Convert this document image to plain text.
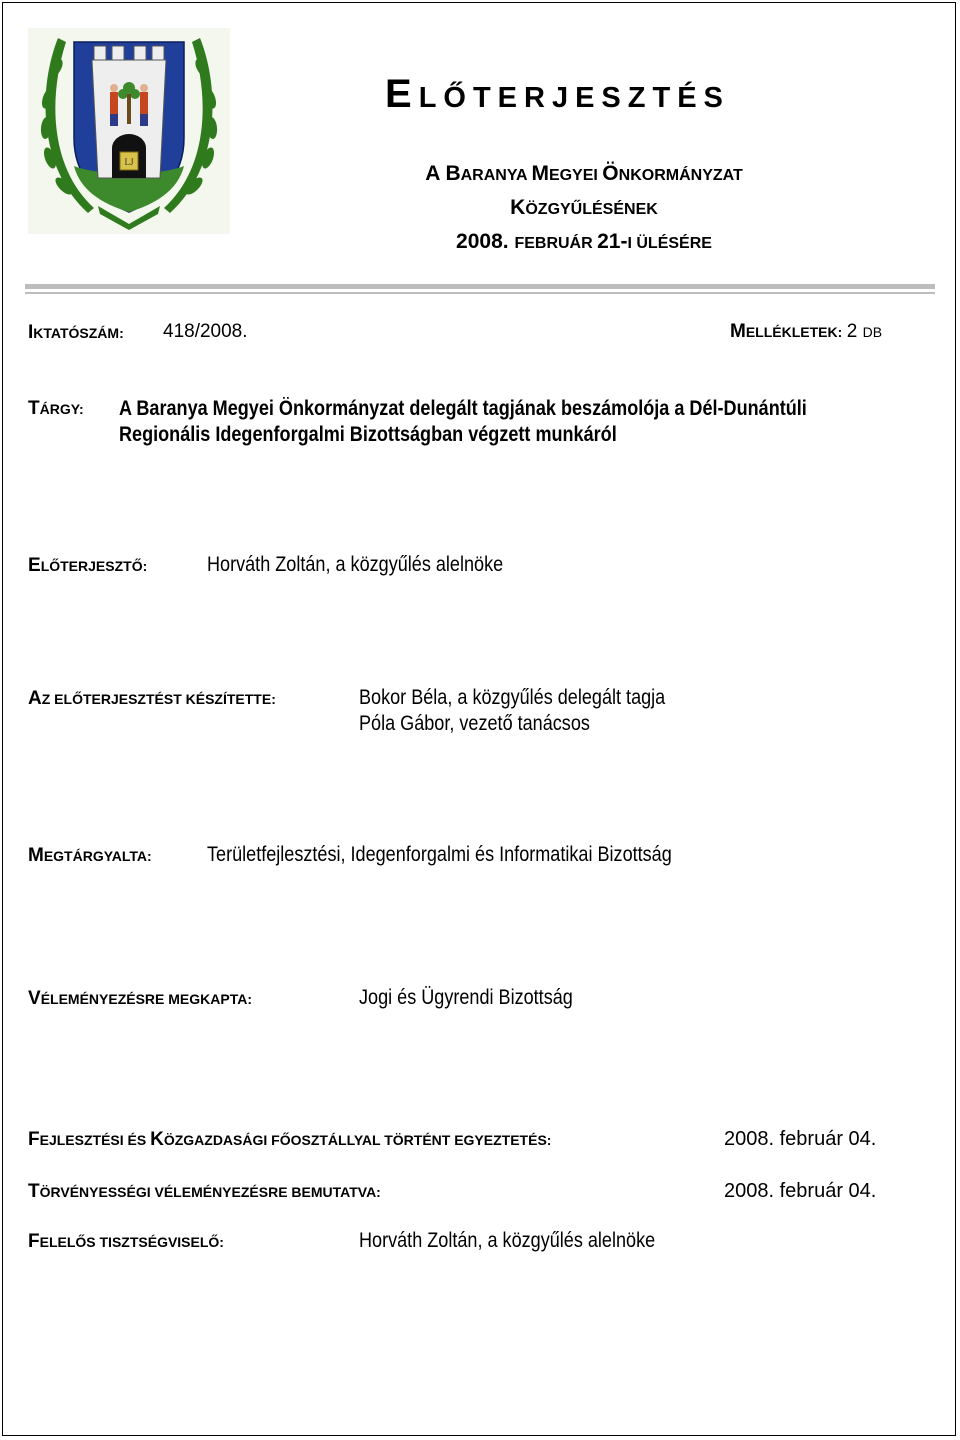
LJ
ELŐTERJESZTÉS
A BARANYA MEGYEI ÖNKORMÁNYZAT
KÖZGYŰLÉSÉNEK
2008. FEBRUÁR 21-I ÜLÉSÉRE
IKTATÓSZÁM: 418/2008.	MELLÉKLETEK: 2 DB
TÁRGY: A Baranya Megyei Önkormányzat delegált tagjának beszámolója a Dél-Dunántúli
Regionális Idegenforgalmi Bizottságban végzett munkáról
ELŐTERJESZTŐ:	Horváth Zoltán, a közgyűlés alelnöke
AZ ELŐTERJESZTÉST KÉSZÍTETTE:	Bokor Béla, a közgyűlés delegált tagja
Póla Gábor, vezető tanácsos
MEGTÁRGYALTA:	Területfejlesztési, Idegenforgalmi és Informatikai Bizottság
VÉLEMÉNYEZÉSRE MEGKAPTA:	Jogi és Ügyrendi Bizottság
FEJLESZTÉSI ÉS KÖZGAZDASÁGI FŐOSZTÁLLYAL TÖRTÉNT EGYEZTETÉS:	2008. február 04.
TÖRVÉNYESSÉGI VÉLEMÉNYEZÉSRE BEMUTATVA:	2008. február 04.
FELELŐS TISZTSÉGVISELŐ:	Horváth Zoltán, a közgyűlés alelnöke
